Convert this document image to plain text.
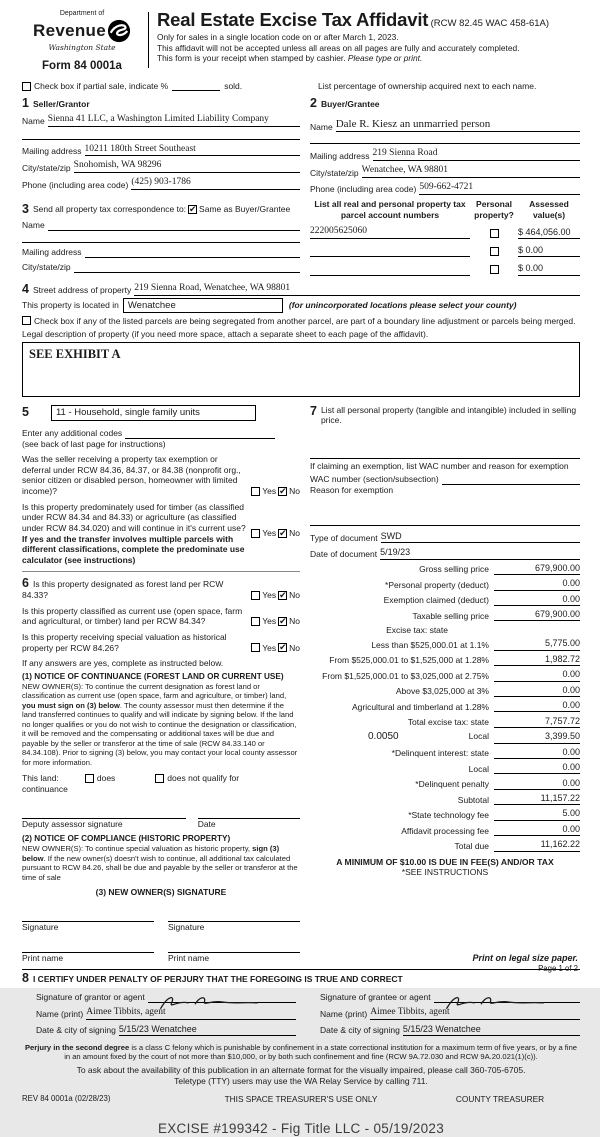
Department of
Revenue
Washington State
Form 84 0001a
Real Estate Excise Tax Affidavit (RCW 82.45 WAC 458-61A)
Only for sales in a single location code on or after March 1, 2023.
This affidavit will not be accepted unless all areas on all pages are fully and accurately completed.
This form is your receipt when stamped by cashier. Please type or print.
Check box if partial sale, indicate %	sold.	List percentage of ownership acquired next to each name.
1 Seller/Grantor
Name Sienna 41 LLC, a Washington Limited Liability Company
Mailing address 10211 180th Street Southeast
City/state/zip Snohomish, WA 98296
Phone (including area code) (425) 903-1786
2 Buyer/Grantee
Name Dale R. Kiesz an unmarried person
Mailing address 219 Sienna Road
City/state/zip Wenatchee, WA 98801
Phone (including area code) 509-662-4721
3 Send all property tax correspondence to: ✔ Same as Buyer/Grantee
Name
Mailing address
City/state/zip
List all real and personal property tax parcel account numbers
Personal
property?
Assessed
value(s)
222005625060	$ 464,056.00
$ 0.00
$ 0.00
4 Street address of property 219 Sienna Road, Wenatchee, WA 98801
This property is located in Wenatchee	(for unincorporated locations please select your county)
Check box if any of the listed parcels are being segregated from another parcel, are part of a boundary line adjustment or parcels being merged.
Legal description of property (if you need more space, attach a separate sheet to each page of the affidavit).
SEE EXHIBIT A
5	11 - Household, single family units
Enter any additional codes
(see back of last page for instructions)
Was the seller receiving a property tax exemption or deferral under RCW 84.36, 84.37, or 84.38 (nonprofit org., senior citizen or disabled person, homeowner with limited income)?	Yes ✔ No
Is this property predominately used for timber (as classified under RCW 84.34 and 84.33) or agriculture (as classified under RCW 84.34.020) and will continue in it's current use? If yes and the transfer involves multiple parcels with different classifications, complete the predominate use calculator (see instructions)
Yes ✔ No
6 Is this property designated as forest land per RCW 84.33?	Yes ✔ No
Is this property classified as current use (open space, farm and agricultural, or timber) land per RCW 84.34?	Yes ✔ No
Is this property receiving special valuation as historical property per RCW 84.26?	Yes ✔ No
If any answers are yes, complete as instructed below.
(1) NOTICE OF CONTINUANCE (FOREST LAND OR CURRENT USE)
NEW OWNER(S): To continue the current designation as forest land or classification as current use (open space, farm and agriculture, or timber) land, you must sign on (3) below. The county assessor must then determine if the land transferred continues to qualify and will indicate by signing below. If the land no longer qualifies or you do not wish to continue the designation or classification, it will be removed and the compensating or additional taxes will be due and payable by the seller or transferor at the time of sale (RCW 84.33.140 or 84.34.108). Prior to signing (3) below, you may contact your local county assessor for more information.
This land:	does	does not qualify for
continuance
Deputy assessor signature	Date
(2) NOTICE OF COMPLIANCE (HISTORIC PROPERTY)
NEW OWNER(S): To continue special valuation as historic property, sign (3) below. If the new owner(s) doesn't wish to continue, all additional tax calculated pursuant to RCW 84.26, shall be due and payable by the seller or transferor at the time of sale
(3) NEW OWNER(S) SIGNATURE
Signature	Signature
Print name	Print name
7 List all personal property (tangible and intangible) included in selling price.
If claiming an exemption, list WAC number and reason for exemption
WAC number (section/subsection)
Reason for exemption
Type of document SWD
Date of document 5/19/23
Gross selling price	679,900.00
*Personal property (deduct)	0.00
Exemption claimed (deduct)	0.00
Taxable selling price	679,900.00
Excise tax: state
Less than $525,000.01 at 1.1%	5,775.00
From $525,000.01 to $1,525,000 at 1.28%	1,982.72
From $1,525,000.01 to $3,025,000 at 2.75%	0.00
Above $3,025,000 at 3%	0.00
Agricultural and timberland at 1.28%	0.00
Total excise tax: state	7,757.72
0.0050	Local	3,399.50
*Delinquent interest: state	0.00
Local	0.00
*Delinquent penalty	0.00
Subtotal	11,157.22
*State technology fee	5.00
Affidavit processing fee	0.00
Total due	11,162.22
A MINIMUM OF $10.00 IS DUE IN FEE(S) AND/OR TAX
*SEE INSTRUCTIONS
8 I CERTIFY UNDER PENALTY OF PERJURY THAT THE FOREGOING IS TRUE AND CORRECT
Signature of grantor or agent
Name (print) Aimee Tibbits, agent
Date & city of signing 5/15/23 Wenatchee
Signature of grantee or agent
Name (print) Aimee Tibbits, agent
Date & city of signing 5/15/23 Wenatchee
Perjury in the second degree is a class C felony which is punishable by confinement in a state correctional institution for a maximum term of five years, or by a fine in an amount fixed by the court of not more than $10,000, or by both such confinement and fine (RCW 9A.72.030 and RCW 9A.20.021(1)(c)).
To ask about the availability of this publication in an alternate format for the visually impaired, please call 360-705-6705. Teletype (TTY) users may use the WA Relay Service by calling 711.
REV 84 0001a (02/28/23)	THIS SPACE TREASURER'S USE ONLY	COUNTY TREASURER
EXCISE #199342 - Fig Title LLC - 05/19/2023
Print on legal size paper.
Page 1 of 2
